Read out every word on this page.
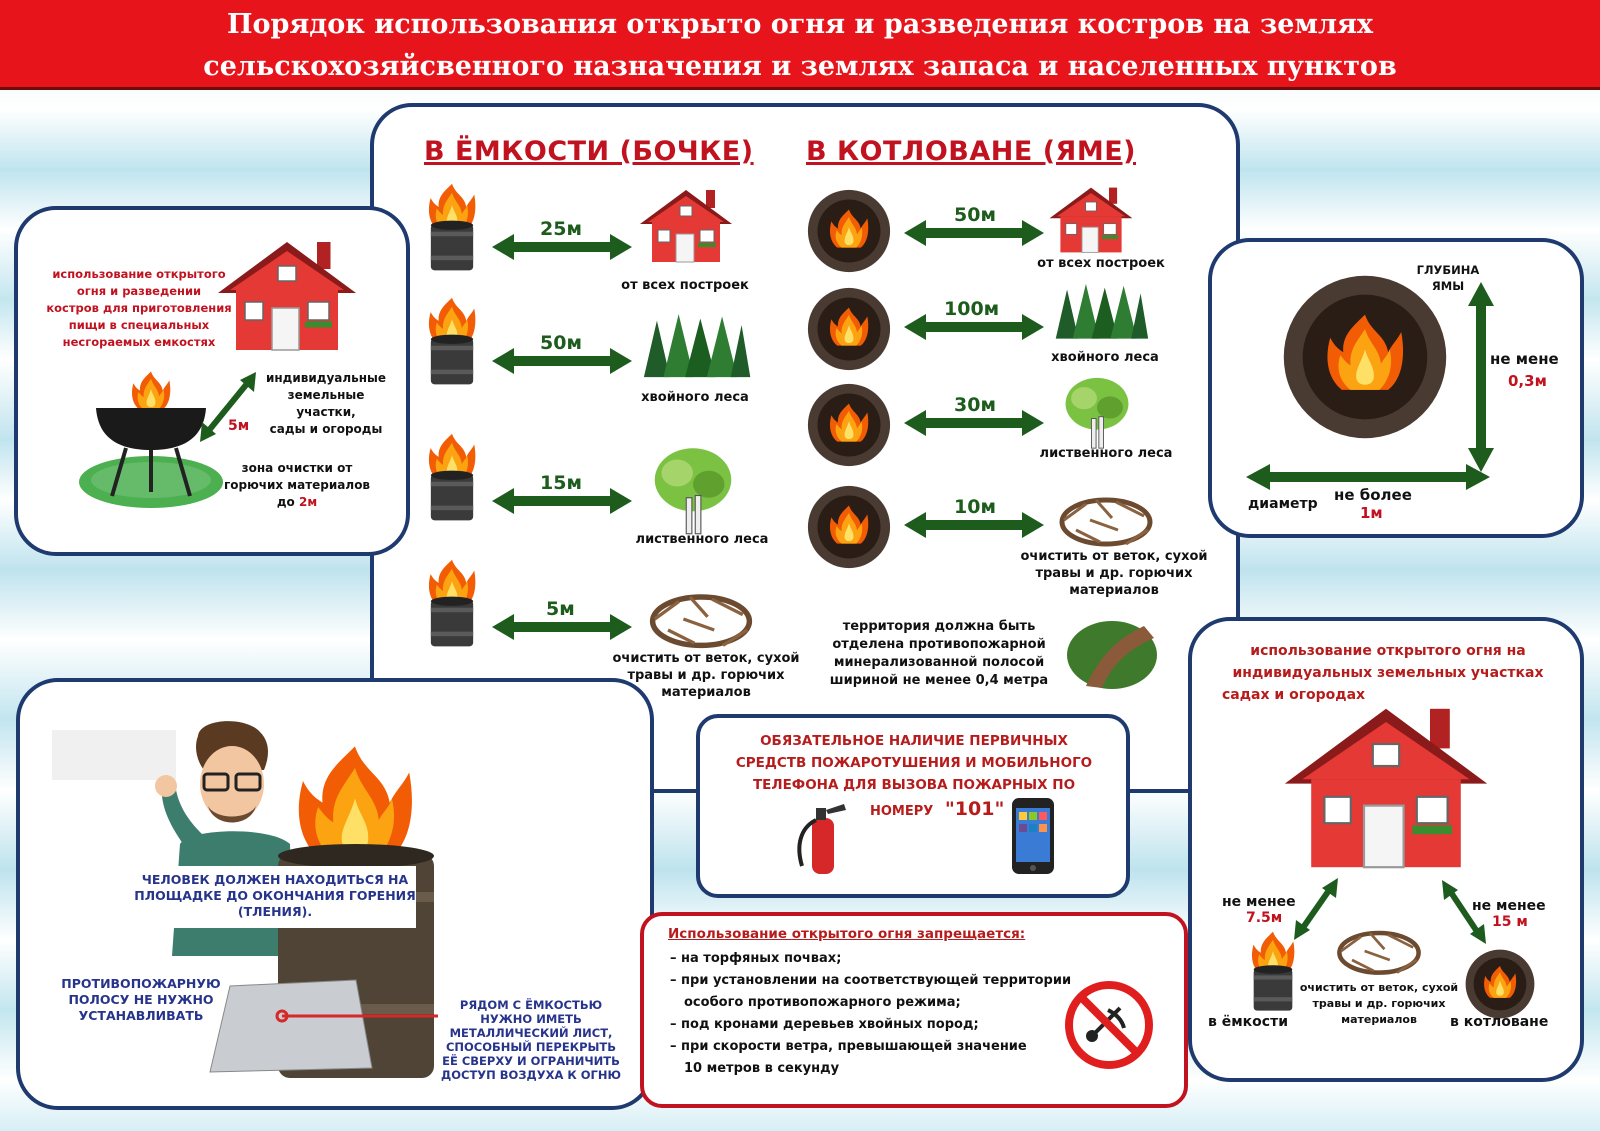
Порядок использования открыто огня и разведения костров на землях
сельскохозяйсвенного назначения и землях запаса и населенных пунктов
использование открытого
огня и разведении
костров для приготовления
пищи в специальных
несгораемых емкостях
индивидуальные
земельные участки,
сады и огороды
5м
зона очистки от
горючих материалов
до 2м
В ЁМКОСТИ (БОЧКЕ) В КОТЛОВАНЕ (ЯМЕ)
25м
от всех построек
50м
хвойного леса
15м
лиственного леса
5м
очистить от веток, сухой
травы и др. горючих
материалов
50м
от всех построек
100м
хвойного леса
30м
лиственного леса
10м
очистить от веток, сухой
травы и др. горючих
материалов
территория должна быть
отделена противопожарной
минерализованной полосой
шириной не менее 0,4 метра
ГЛУБИНА
ЯМЫ
не мене
0,3м
диаметр не более
1м
ЧЕЛОВЕК ДОЛЖЕН НАХОДИТЬСЯ НА
ПЛОЩАДКЕ ДО ОКОНЧАНИЯ ГОРЕНИЯ
(ТЛЕНИЯ).
ПРОТИВОПОЖАРНУЮ
ПОЛОСУ НЕ НУЖНО
УСТАНАВЛИВАТЬ
РЯДОМ С ЁМКОСТЬЮ
НУЖНО ИМЕТЬ
МЕТАЛЛИЧЕСКИЙ ЛИСТ,
СПОСОБНЫЙ ПЕРЕКРЫТЬ
ЕЁ СВЕРХУ И ОГРАНИЧИТЬ
ДОСТУП ВОЗДУХА К ОГНЮ
ОБЯЗАТЕЛЬНОЕ НАЛИЧИЕ ПЕРВИЧНЫХ
СРЕДСТВ ПОЖАРОТУШЕНИЯ И МОБИЛЬНОГО
ТЕЛЕФОНА ДЛЯ ВЫЗОВА ПОЖАРНЫХ ПО
НОМЕРУ "101"
Использование открытого огня запрещается:
– на торфяных почвах;
– при установлении на соответствующей территории
особого противопожарного режима;
– под кронами деревьев хвойных пород;
– при скорости ветра, превышающей значение
10 метров в секунду
использование открытого огня на
индивидуальных земельных участках
садах и огородах
не менее
7.5м
не менее
15 м
очистить от веток, сухой
травы и др. горючих
материалов
в ёмкости	в котловане
